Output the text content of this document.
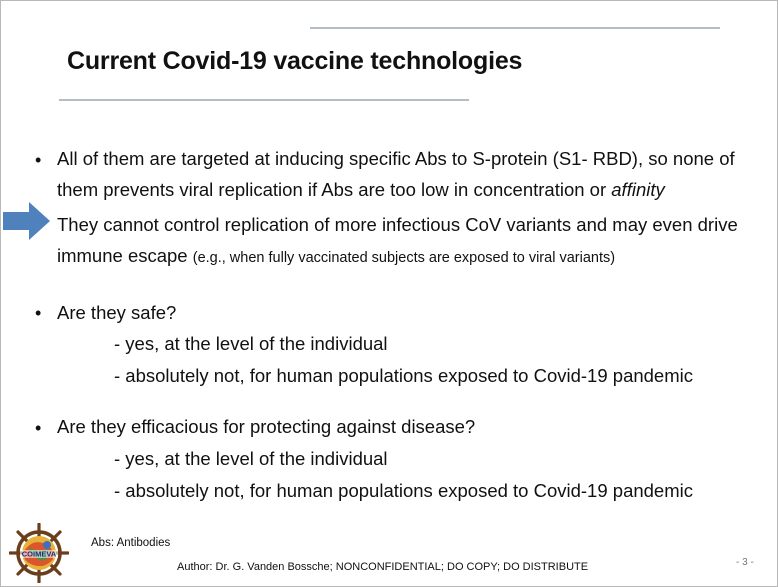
Current Covid-19 vaccine technologies
• All of them are targeted at inducing specific Abs to S-protein (S1- RBD), so none of them prevents viral replication if Abs are too low in concentration or affinity
They cannot control replication of more infectious CoV variants and may even drive immune escape (e.g., when fully vaccinated subjects are exposed to viral variants)
• Are they safe?
- yes, at the level of the individual
- absolutely not, for human populations exposed to Covid-19 pandemic
• Are they efficacious for protecting against disease?
- yes, at the level of the individual
- absolutely not, for human populations exposed to Covid-19 pandemic
COIMEVA
Abs: Antibodies
Author: Dr. G. Vanden Bossche; NONCONFIDENTIAL; DO COPY; DO DISTRIBUTE	- 3 -
